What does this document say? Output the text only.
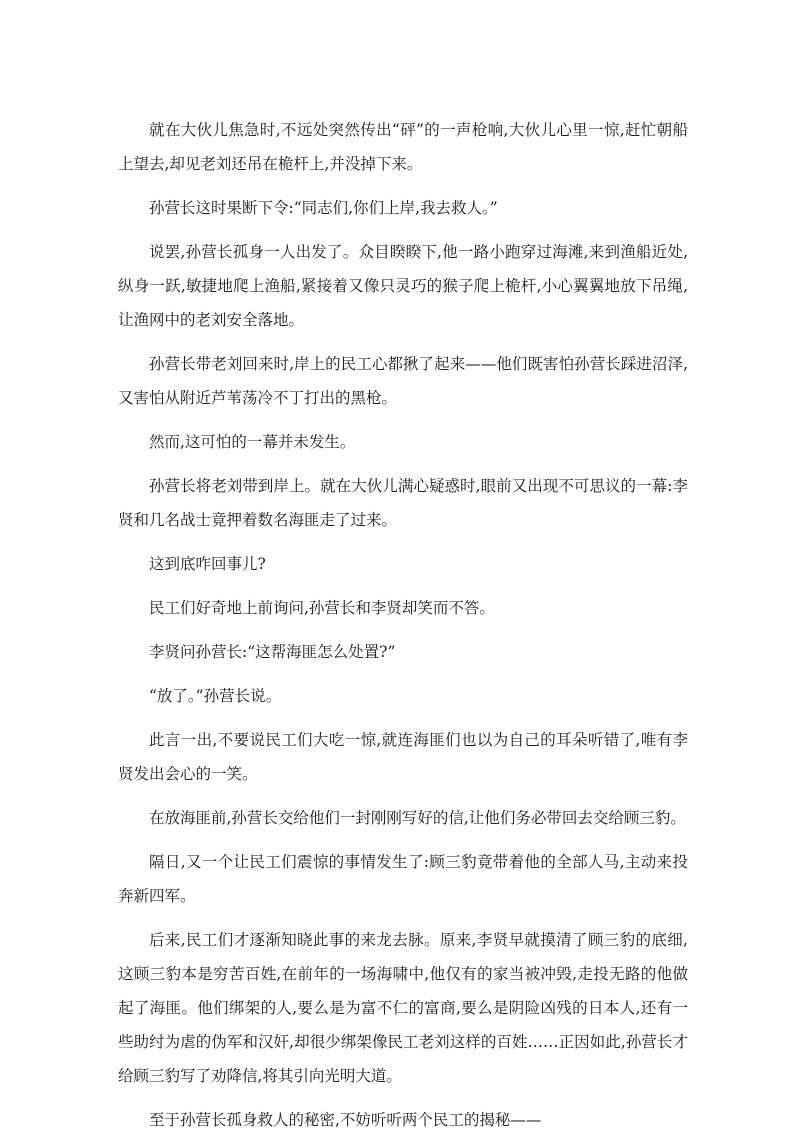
就在大伙儿焦急时,不远处突然传出“砰”的一声枪响,大伙儿心里一惊,赶忙朝船上望去,却见老刘还吊在桅杆上,并没掉下来。

孙营长这时果断下令:“同志们,你们上岸,我去救人。”

说罢,孙营长孤身一人出发了。众目睽睽下,他一路小跑穿过海滩,来到渔船近处,纵身一跃,敏捷地爬上渔船,紧接着又像只灵巧的猴子爬上桅杆,小心翼翼地放下吊绳,让渔网中的老刘安全落地。

孙营长带老刘回来时,岸上的民工心都揪了起来——他们既害怕孙营长踩进沼泽,又害怕从附近芦苇荡冷不丁打出的黑枪。

然而,这可怕的一幕并未发生。

孙营长将老刘带到岸上。就在大伙儿满心疑惑时,眼前又出现不可思议的一幕:李贤和几名战士竟押着数名海匪走了过来。

这到底咋回事儿?

民工们好奇地上前询问,孙营长和李贤却笑而不答。

李贤问孙营长:“这帮海匪怎么处置?”

“放了。”孙营长说。

此言一出,不要说民工们大吃一惊,就连海匪们也以为自己的耳朵听错了,唯有李贤发出会心的一笑。

在放海匪前,孙营长交给他们一封刚刚写好的信,让他们务必带回去交给顾三豹。

隔日,又一个让民工们震惊的事情发生了:顾三豹竟带着他的全部人马,主动来投奔新四军。

后来,民工们才逐渐知晓此事的来龙去脉。原来,李贤早就摸清了顾三豹的底细,这顾三豹本是穷苦百姓,在前年的一场海啸中,他仅有的家当被冲毁,走投无路的他做起了海匪。他们绑架的人,要么是为富不仁的富商,要么是阴险凶残的日本人,还有一些助纣为虐的伪军和汉奸,却很少绑架像民工老刘这样的百姓……正因如此,孙营长才给顾三豹写了劝降信,将其引向光明大道。

至于孙营长孤身救人的秘密,不妨听听两个民工的揭秘——
